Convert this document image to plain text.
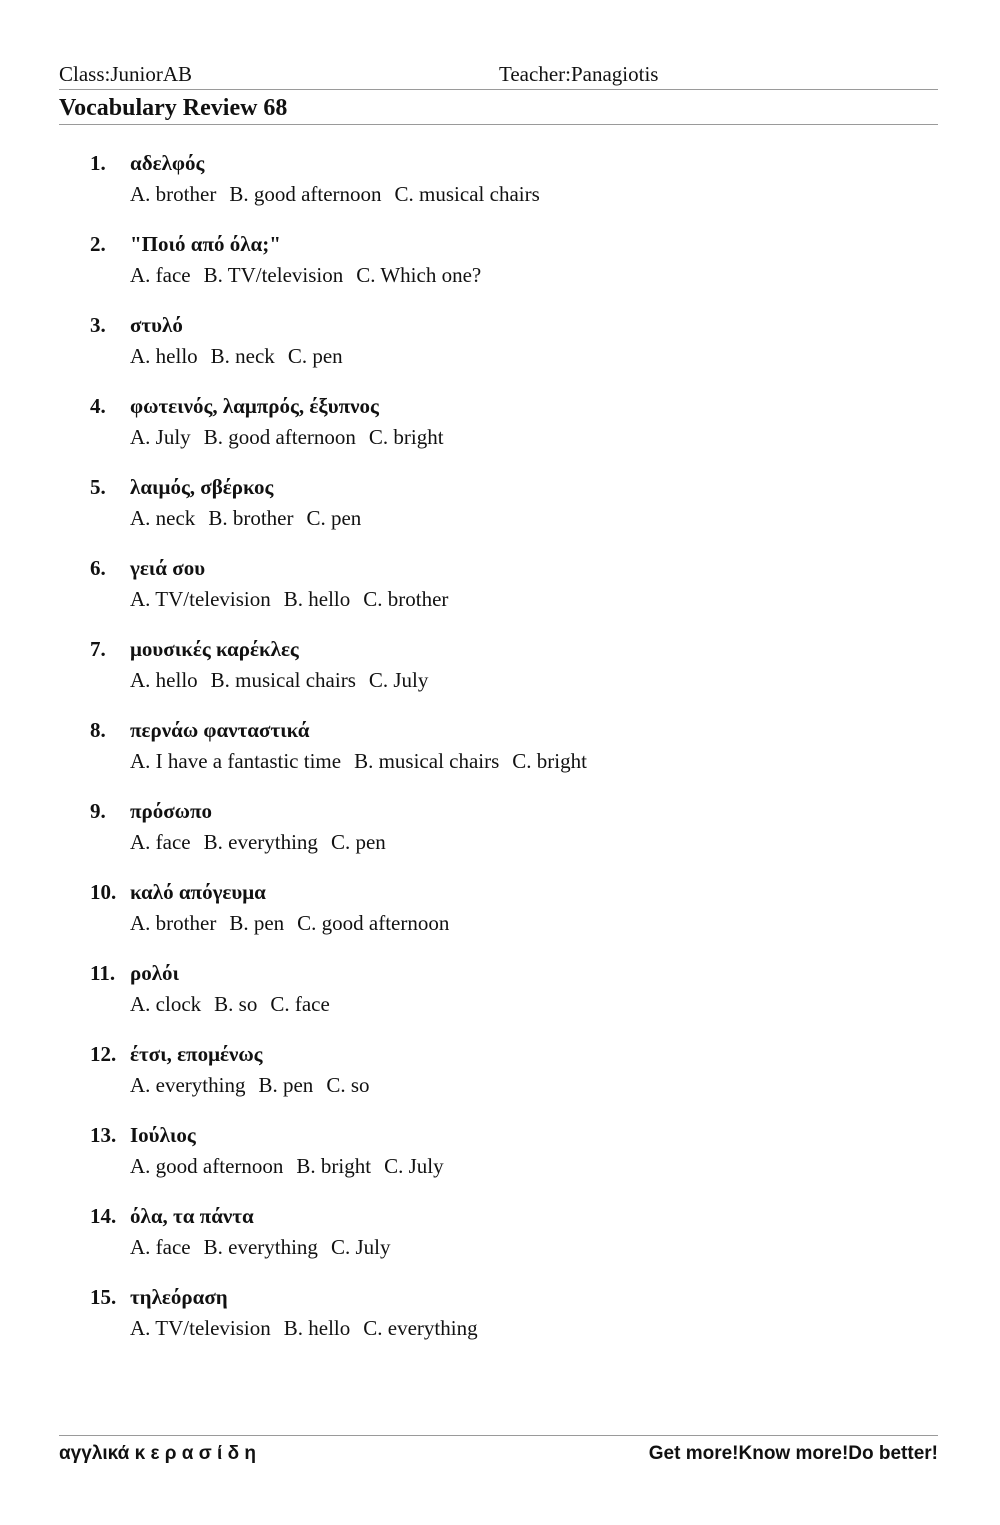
Class:JuniorAB	Teacher:Panagiotis
Vocabulary Review 68
1. αδελφός
A. brother B. good afternoon C. musical chairs
2. "Ποιό από όλα;"
A. face B. TV/television C. Which one?
3. στυλό
A. hello B. neck C. pen
4. φωτεινός, λαμπρός, έξυπνος
A. July B. good afternoon C. bright
5. λαιμός, σβέρκος
A. neck B. brother C. pen
6. γειά σου
A. TV/television B. hello C. brother
7. μουσικές καρέκλες
A. hello B. musical chairs C. July
8. περνάω φανταστικά
A. I have a fantastic time B. musical chairs C. bright
9. πρόσωπο
A. face B. everything C. pen
10. καλό απόγευμα
A. brother B. pen C. good afternoon
11. ρολόι
A. clock B. so C. face
12. έτσι, επομένως
A. everything B. pen C. so
13. Ιούλιος
A. good afternoon B. bright C. July
14. όλα, τα πάντα
A. face B. everything C. July
15. τηλεόραση
A. TV/television B. hello C. everything
αγγλικά κ ε ρ α σ ί δ η	Get more!Know more!Do better!
